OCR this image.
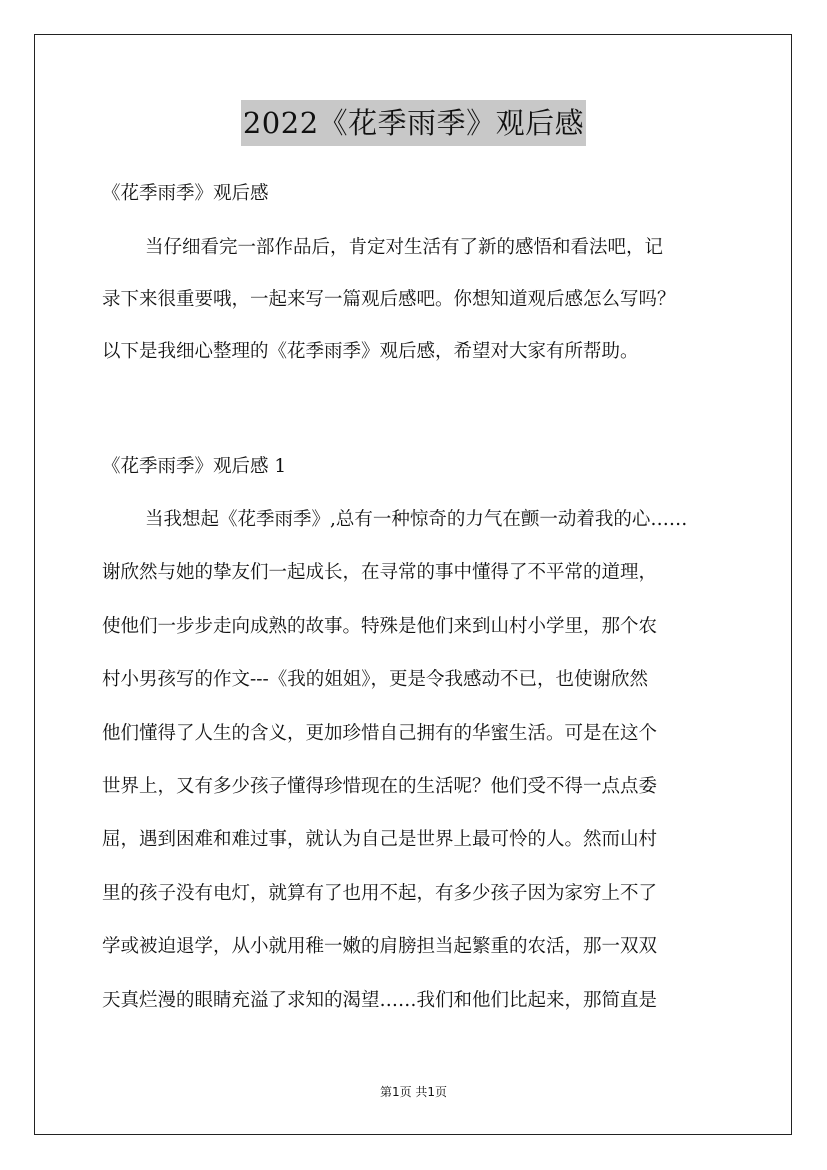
2022《花季雨季》观后感
《花季雨季》观后感
当仔细看完一部作品后，肯定对生活有了新的感悟和看法吧，记
录下来很重要哦，一起来写一篇观后感吧。你想知道观后感怎么写吗？
以下是我细心整理的《花季雨季》观后感，希望对大家有所帮助。
《花季雨季》观后感 1
当我想起《花季雨季》,总有一种惊奇的力气在颤一动着我的心……
谢欣然与她的挚友们一起成长，在寻常的事中懂得了不平常的道理，
使他们一步步走向成熟的故事。特殊是他们来到山村小学里，那个农
村小男孩写的作文---《我的姐姐》，更是令我感动不已，也使谢欣然
他们懂得了人生的含义，更加珍惜自己拥有的华蜜生活。可是在这个
世界上，又有多少孩子懂得珍惜现在的生活呢？他们受不得一点点委
屈，遇到困难和难过事，就认为自己是世界上最可怜的人。然而山村
里的孩子没有电灯，就算有了也用不起，有多少孩子因为家穷上不了
学或被迫退学，从小就用稚一嫩的肩膀担当起繁重的农活，那一双双
天真烂漫的眼睛充溢了求知的渴望……我们和他们比起来，那简直是
第1页 共1页
